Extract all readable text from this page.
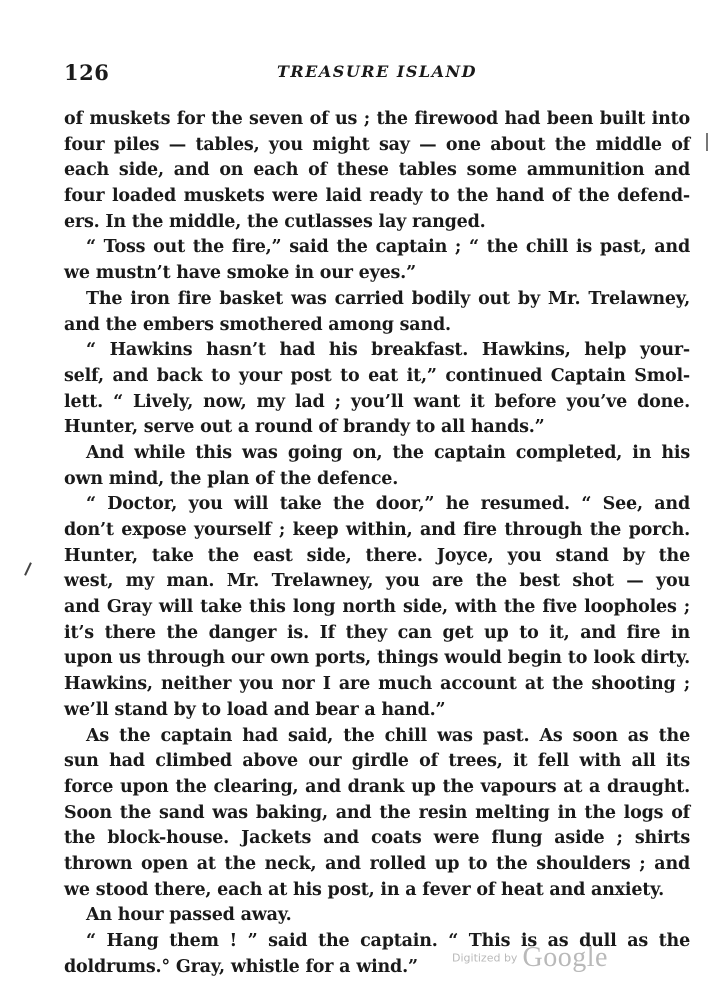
126	TREASURE ISLAND
of muskets for the seven of us ; the firewood had been built into
four piles — tables, you might say — one about the middle of
each side, and on each of these tables some ammunition and
four loaded muskets were laid ready to the hand of the defend-
ers. In the middle, the cutlasses lay ranged.
“ Toss out the fire,” said the captain ; “ the chill is past, and
we mustn’t have smoke in our eyes.”
The iron fire basket was carried bodily out by Mr. Trelawney,
and the embers smothered among sand.
“ Hawkins hasn’t had his breakfast. Hawkins, help your-
self, and back to your post to eat it,” continued Captain Smol-
lett. “ Lively, now, my lad ; you’ll want it before you’ve done.
Hunter, serve out a round of brandy to all hands.”
And while this was going on, the captain completed, in his
own mind, the plan of the defence.
“ Doctor, you will take the door,” he resumed. “ See, and
don’t expose yourself ; keep within, and fire through the porch.
Hunter, take the east side, there. Joyce, you stand by the
west, my man. Mr. Trelawney, you are the best shot — you
and Gray will take this long north side, with the five loopholes ;
it’s there the danger is. If they can get up to it, and fire in
upon us through our own ports, things would begin to look dirty.
Hawkins, neither you nor I are much account at the shooting ;
we’ll stand by to load and bear a hand.”
As the captain had said, the chill was past. As soon as the
sun had climbed above our girdle of trees, it fell with all its
force upon the clearing, and drank up the vapours at a draught.
Soon the sand was baking, and the resin melting in the logs of
the block-house. Jackets and coats were flung aside ; shirts
thrown open at the neck, and rolled up to the shoulders ; and
we stood there, each at his post, in a fever of heat and anxiety.
An hour passed away.
“ Hang them ! ” said the captain. “ This is as dull as the
doldrums.° Gray, whistle for a wind.”	Digitized by Google
